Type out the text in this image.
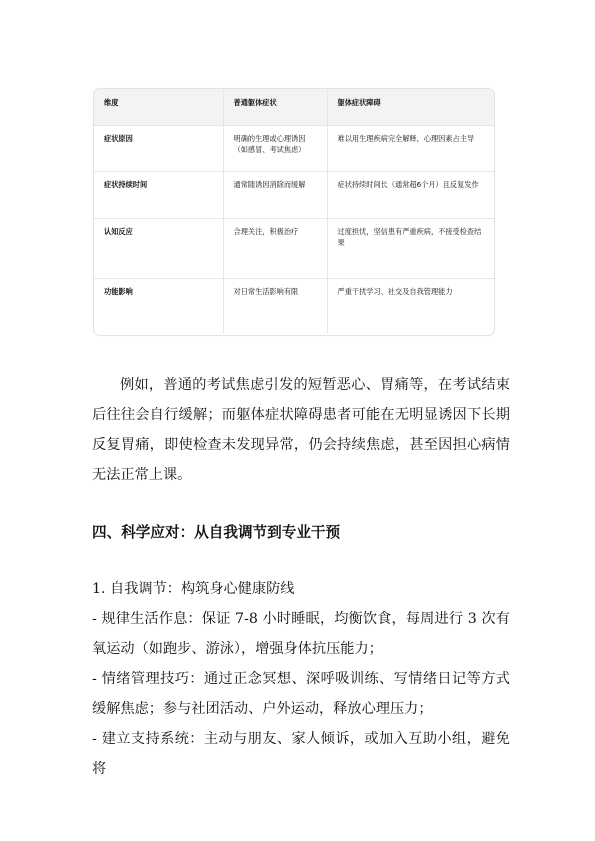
维度	普通躯体症状	躯体症状障碍
症状原因	明确的生理或心理诱因（如感冒、考试焦虑）	难以用生理疾病完全解释，心理因素占主导
症状持续时间	通常随诱因消除而缓解	症状持续时间长（通常超6个月）且反复发作
认知反应	合理关注，积极治疗	过度担忧，坚信患有严重疾病，不接受检查结果
功能影响	对日常生活影响有限	严重干扰学习、社交及自我管理能力

例如，普通的考试焦虑引发的短暂恶心、胃痛等，在考试结束后往往会自行缓解；而躯体症状障碍患者可能在无明显诱因下长期反复胃痛，即使检查未发现异常，仍会持续焦虑，甚至因担心病情无法正常上课。

四、科学应对：从自我调节到专业干预

1. 自我调节：构筑身心健康防线

- 规律生活作息：保证 7-8 小时睡眠，均衡饮食，每周进行 3 次有氧运动（如跑步、游泳），增强身体抗压能力；

- 情绪管理技巧：通过正念冥想、深呼吸训练、写情绪日记等方式缓解焦虑；参与社团活动、户外运动，释放心理压力；

- 建立支持系统：主动与朋友、家人倾诉，或加入互助小组，避免将
